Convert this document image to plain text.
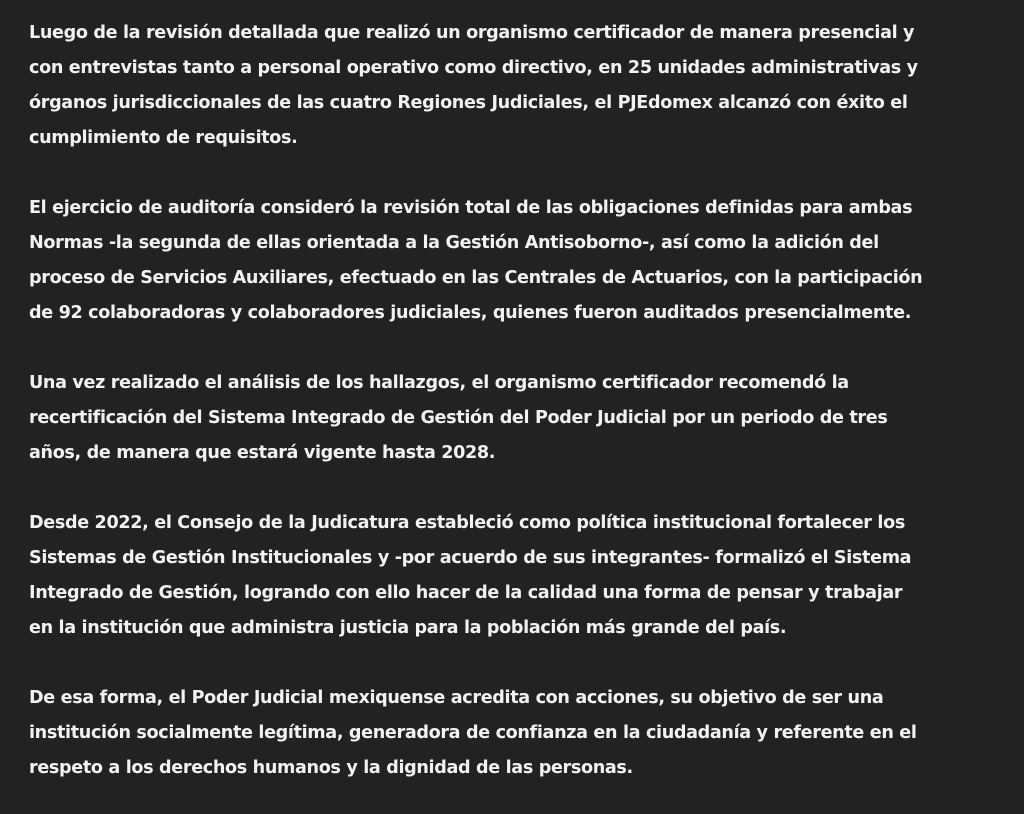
Luego de la revisión detallada que realizó un organismo certificador de manera presencial y
con entrevistas tanto a personal operativo como directivo, en 25 unidades administrativas y
órganos jurisdiccionales de las cuatro Regiones Judiciales, el PJEdomex alcanzó con éxito el
cumplimiento de requisitos.

El ejercicio de auditoría consideró la revisión total de las obligaciones definidas para ambas
Normas -la segunda de ellas orientada a la Gestión Antisoborno-, así como la adición del
proceso de Servicios Auxiliares, efectuado en las Centrales de Actuarios, con la participación
de 92 colaboradoras y colaboradores judiciales, quienes fueron auditados presencialmente.

Una vez realizado el análisis de los hallazgos, el organismo certificador recomendó la
recertificación del Sistema Integrado de Gestión del Poder Judicial por un periodo de tres
años, de manera que estará vigente hasta 2028.

Desde 2022, el Consejo de la Judicatura estableció como política institucional fortalecer los
Sistemas de Gestión Institucionales y -por acuerdo de sus integrantes- formalizó el Sistema
Integrado de Gestión, logrando con ello hacer de la calidad una forma de pensar y trabajar
en la institución que administra justicia para la población más grande del país.

De esa forma, el Poder Judicial mexiquense acredita con acciones, su objetivo de ser una
institución socialmente legítima, generadora de confianza en la ciudadanía y referente en el
respeto a los derechos humanos y la dignidad de las personas.
